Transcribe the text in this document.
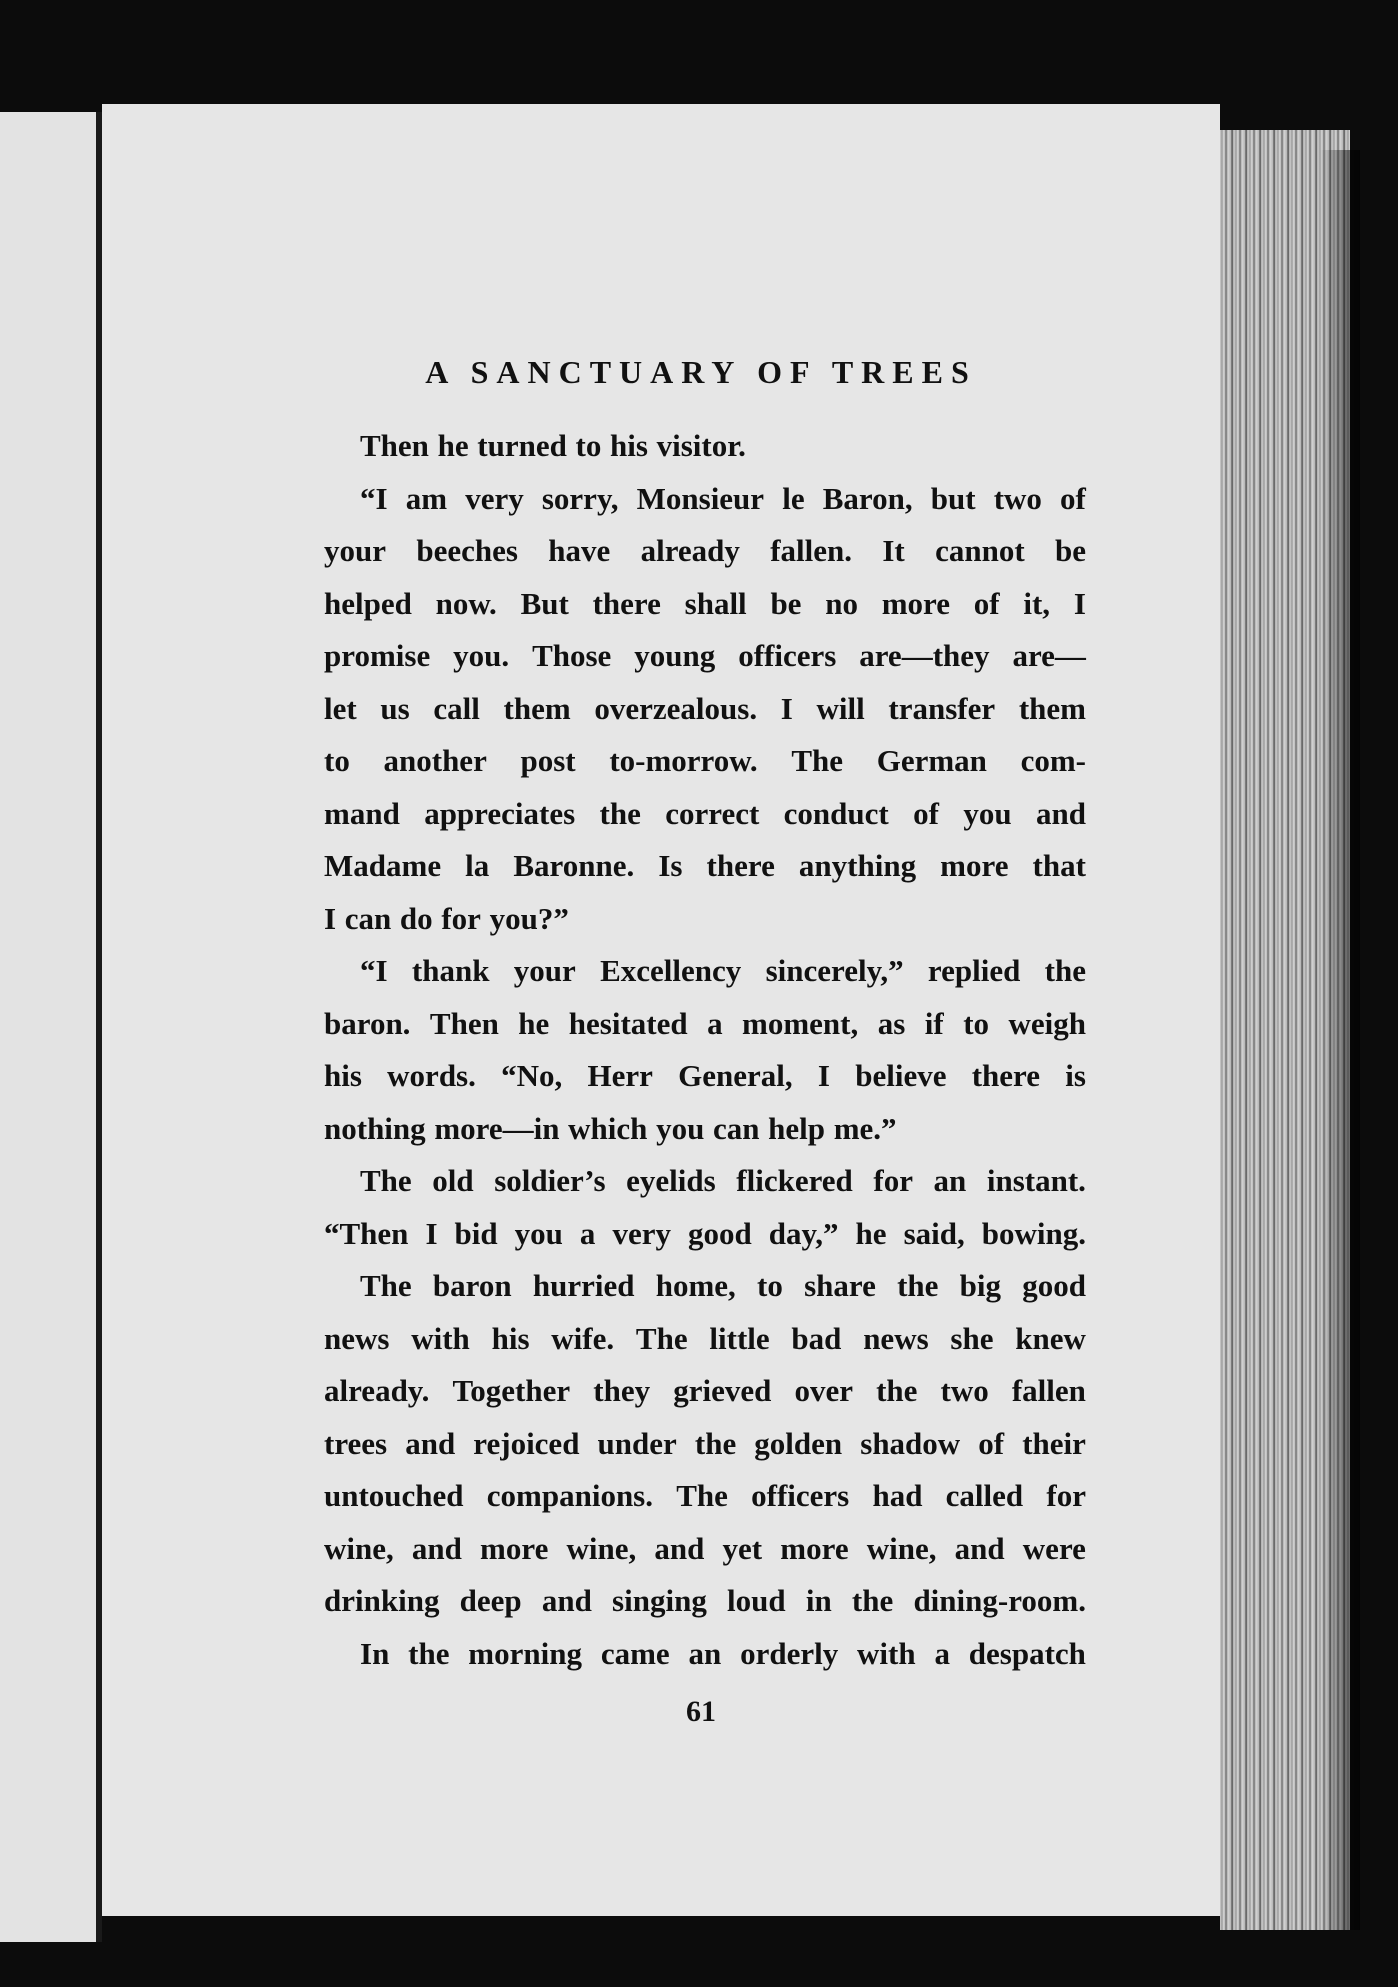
A SANCTUARY OF TREES
Then he turned to his visitor.
“I am very sorry, Monsieur le Baron, but two of
your beeches have already fallen. It cannot be
helped now. But there shall be no more of it, I
promise you. Those young officers are—they are—
let us call them overzealous. I will transfer them
to another post to-morrow. The German com-
mand appreciates the correct conduct of you and
Madame la Baronne. Is there anything more that
I can do for you?”
“I thank your Excellency sincerely,” replied the
baron. Then he hesitated a moment, as if to weigh
his words. “No, Herr General, I believe there is
nothing more—in which you can help me.”
The old soldier’s eyelids flickered for an instant.
“Then I bid you a very good day,” he said, bowing.
The baron hurried home, to share the big good
news with his wife. The little bad news she knew
already. Together they grieved over the two fallen
trees and rejoiced under the golden shadow of their
untouched companions. The officers had called for
wine, and more wine, and yet more wine, and were
drinking deep and singing loud in the dining-room.
In the morning came an orderly with a despatch
61
